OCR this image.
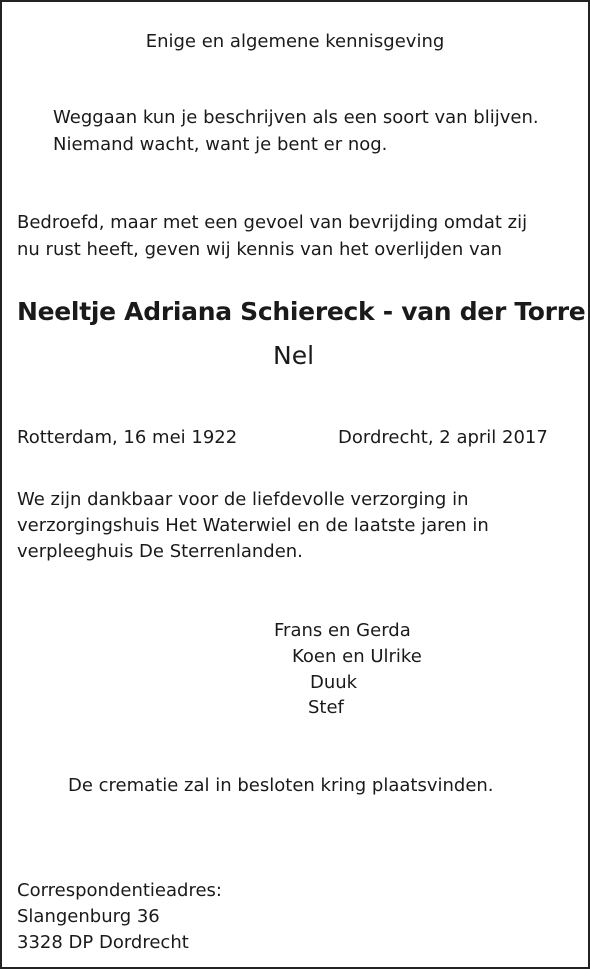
Enige en algemene kennisgeving
Weggaan kun je beschrijven als een soort van blijven.
Niemand wacht, want je bent er nog.
Bedroefd, maar met een gevoel van bevrijding omdat zij
nu rust heeft, geven wij kennis van het overlijden van
Neeltje Adriana Schiereck - van der Torre
Nel
Rotterdam, 16 mei 1922	Dordrecht, 2 april 2017
We zijn dankbaar voor de liefdevolle verzorging in
verzorgingshuis Het Waterwiel en de laatste jaren in
verpleeghuis De Sterrenlanden.
Frans en Gerda
Koen en Ulrike
Duuk
Stef
De crematie zal in besloten kring plaatsvinden.
Correspondentieadres:
Slangenburg 36
3328 DP Dordrecht
